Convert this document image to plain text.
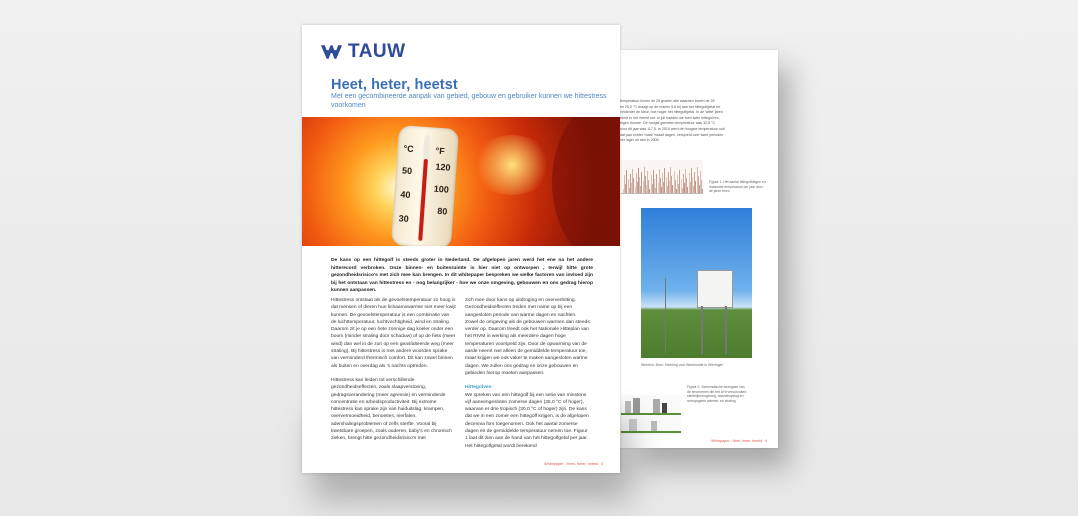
temperatuur boven de 25 graden alle waarden boven de 25
en 25,0 °C draagt op de manier 5,6 bij aan het hittegolfgetal en
vinderder de kleur, hoe hoger het hittegolfgetal. In de 'witte' jaren
eerst er het meest zat. In juli hadden we toen twee hittegolven,
eigen duurde. De hoogst gemeten temperatuur was 32,8 °C
voor dit jaar was 117,5. In 2019 werd de hoogste temperatuur ooit
dat jaar echter 'maar' twaalf dagen, verspreid over twee perioden
ver lager uit dan in 2006.
Figuur 1. Het aantal hittegolfdagen en maximale temperatuur per jaar door de jaren heen
Weerhut. Bron: Stichting voor Weerkunde in Wieringen
Figuur 2. Schematische weergave van de fenomenen die het UHI veroorzaken: stedelijkeomgeving, warmteopslag en antropogene warmte, en straling
Whitepaper - Heet, heter, heetst 4
TAUW
Heet, heter, heetst
Met een gecombineerde aanpak van gebied, gebouw en gebruiker kunnen we hittestress voorkomen
°C °F
50
40
30
120
100
80
De kans op een hittegolf is steeds groter in Nederland. De afgelopen jaren werd het ene na het andere hitterecord verbroken. Onze binnen- en buitenruimte is hier niet op ontworpen , terwijl hitte grote gezondheidsrisico's met zich mee kan brengen. In dit whitepaper bespreken we welke factoren van invloed zijn bij het ontstaan van hittestress en - nog belangrijker - hoe we onze omgeving, gebouwen en ons gedrag hierop kunnen aanpassen.

Hittestress ontstaat als de gevoelstemperatuur zo hoog is dat mensen of dieren hun lichaamswarmte niet meer kwijt kunnen. De gevoelstemperatuur is een combinatie van de luchttemperatuur, luchtvochtigheid, wind en straling. Daarom zit je op een hete zonnige dag koeler onder een boom (minder straling door schaduw) of op de fiets (meer wind) dan wel in de zon op een geasfalteerde weg (meer straling). Bij hittestress is met andere woorden sprake van verminderd thermisch comfort. Dit kan zowel binnen als buiten en overdag als 's nachts optreden.

Hittestress kan leiden tot verschillende gezondheidseffecten, zoals slaapverstoring, gedragsverandering (meer agressie) en verminderde concentratie en arbeidsproductiviteit. Bij extreme hittestress kan sprake zijn van huiduitslag, krampen, oververmoeidheid, benoeties, nierfalen, ademhalingsproblemen of zelfs sterfte. Vooral bij kwetsbare groepen, zoals ouderen, baby's en chronisch zieken, brengt hitte gezondheidsrisico's met

zich mee door kans op uitdroging en oververhitting. Gezondheidseffecten treden met name op bij een aangesloten periode van warme dagen en nachten. Zowel de omgeving als de gebouwen warmen dan steeds verder op. Daarom treedt ook het Nationale Hitteplan van het RIVM in werking als meerdere dagen hoge temperaturen voorspeld zijn. Door de opwarming van de aarde neemt niet alleen de gemiddelde temperatuur toe, maar krijgen we ook vaker te maken aangesloten warme dagen. We zullen ons gedrag en onze gebouwen en gebieden hierop moeten aanpassen.

Hittegolven

We spreken van een hittegolf bij een serie van minstens vijf aaneengesloten zomerse dagen (25,0 °C of hoger), waarvan er drie tropisch (30,0 °C of hoger) zijn. De kans dat we in een zomer een hittegolf krijgen, is de afgelopen decennia fors toegenomen. Ook het aantal zomerse dagen en de gemiddelde temperatuur nemen toe. Figuur 1 laat dit zien aan de hand van het hittegolfgetal per jaar. Het hittegolfgetal wordt berekend

Whitepaper - Heet, heter, heetst 3
